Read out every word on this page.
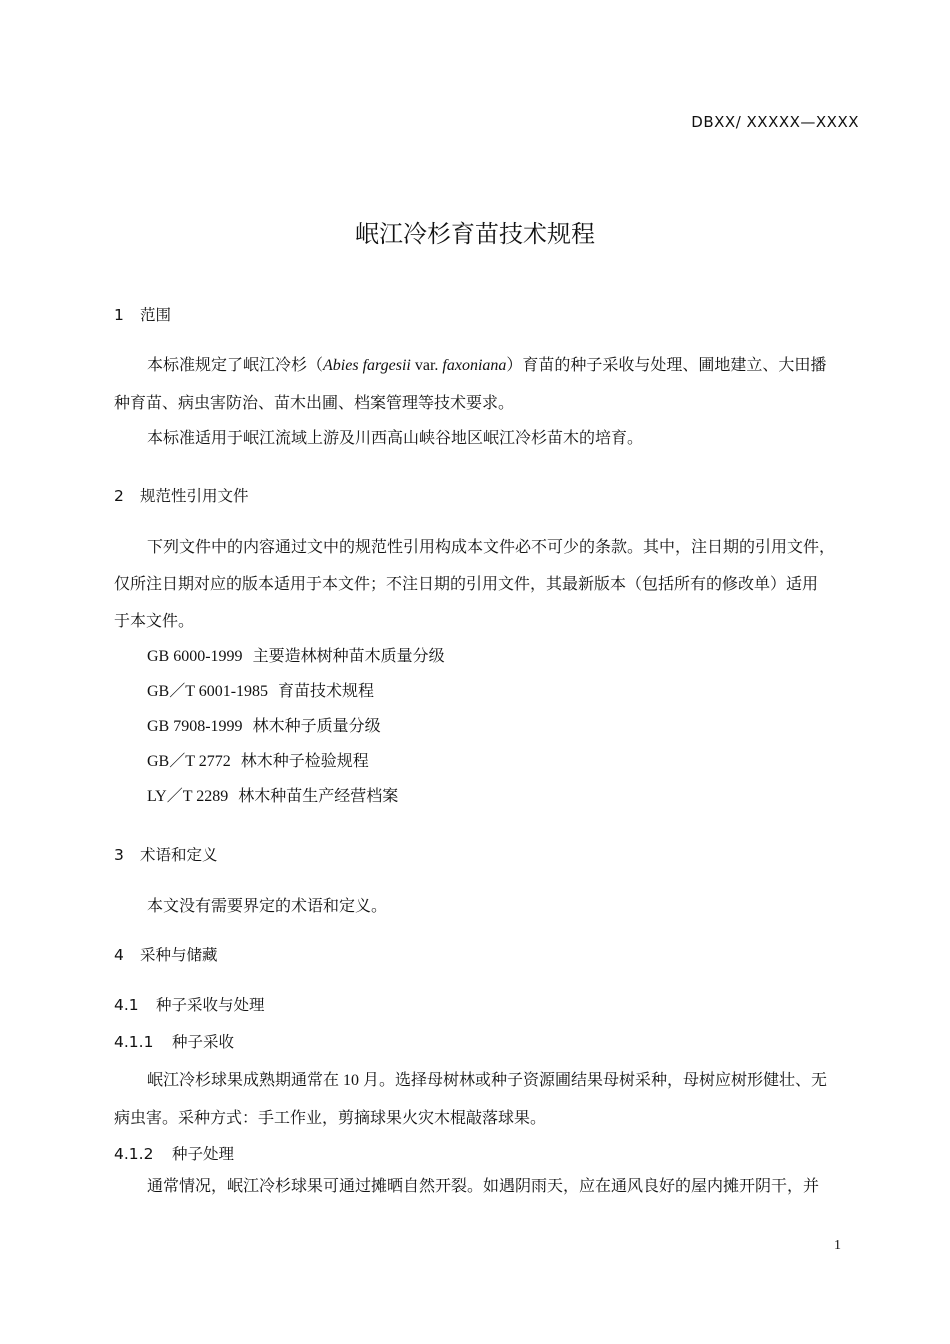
DBXX/ XXXXX—XXXX
岷江冷杉育苗技术规程
1 范围
本标准规定了岷江冷杉（Abies fargesii var. faxoniana）育苗的种子采收与处理、圃地建立、大田播
种育苗、病虫害防治、苗木出圃、档案管理等技术要求。
本标准适用于岷江流域上游及川西高山峡谷地区岷江冷杉苗木的培育。
2 规范性引用文件
下列文件中的内容通过文中的规范性引用构成本文件必不可少的条款。其中，注日期的引用文件，
仅所注日期对应的版本适用于本文件；不注日期的引用文件，其最新版本（包括所有的修改单）适用
于本文件。
GB 6000-1999 主要造林树种苗木质量分级
GB／T 6001-1985 育苗技术规程
GB 7908-1999 林木种子质量分级
GB／T 2772 林木种子检验规程
LY／T 2289 林木种苗生产经营档案
3 术语和定义
本文没有需要界定的术语和定义。
4 采种与储藏
4.1 种子采收与处理
4.1.1 种子采收
岷江冷杉球果成熟期通常在 10 月。选择母树林或种子资源圃结果母树采种，母树应树形健壮、无
病虫害。采种方式：手工作业，剪摘球果火灾木棍敲落球果。
4.1.2 种子处理
通常情况，岷江冷杉球果可通过摊晒自然开裂。如遇阴雨天，应在通风良好的屋内摊开阴干，并
1
